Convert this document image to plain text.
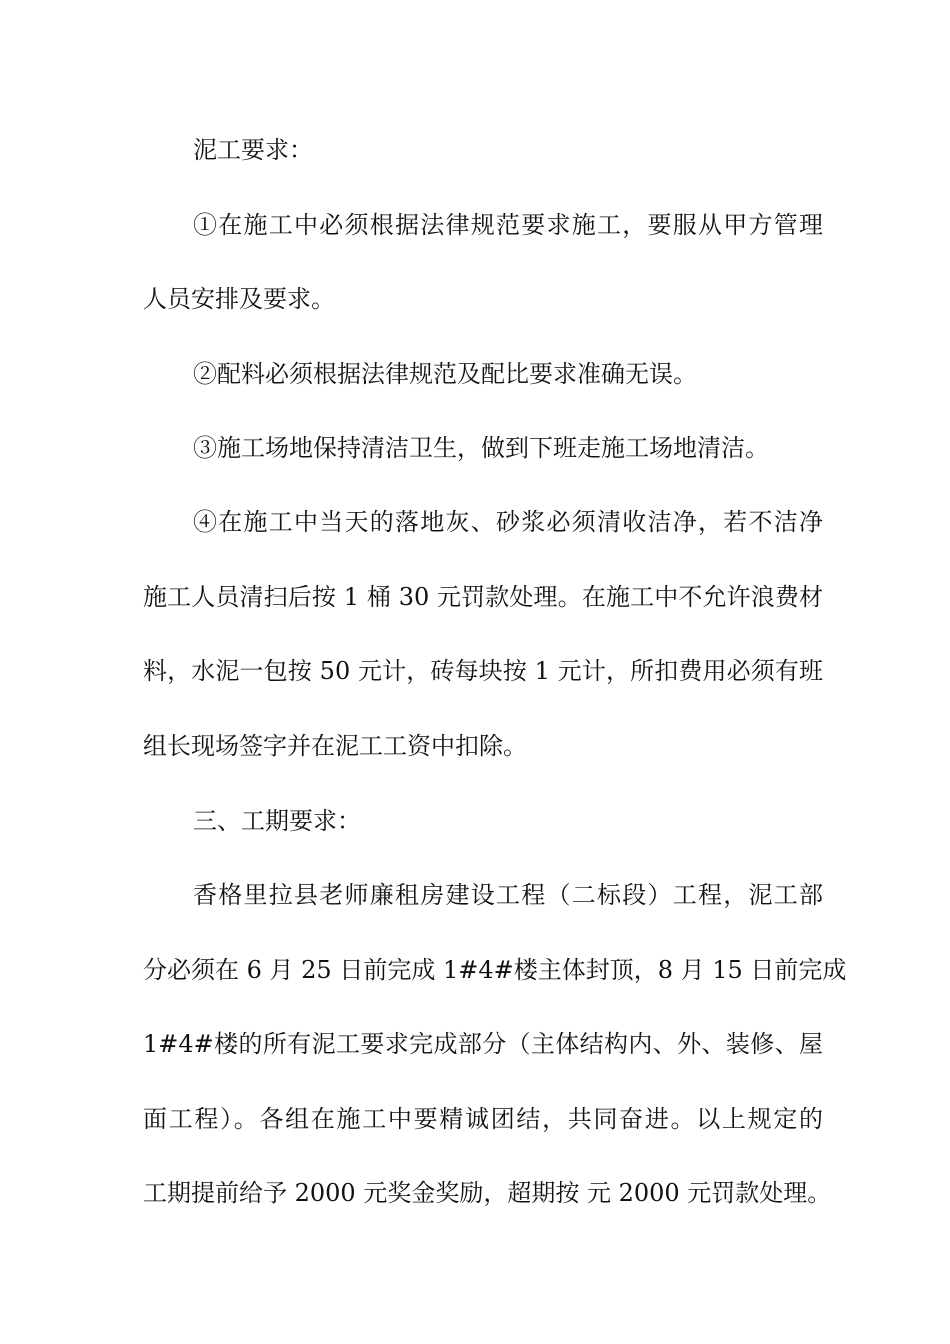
泥工要求：
①在施工中必须根据法律规范要求施工，要服从甲方管理
人员安排及要求。
②配料必须根据法律规范及配比要求准确无误。
③施工场地保持清洁卫生，做到下班走施工场地清洁。
④在施工中当天的落地灰、砂浆必须清收洁净，若不洁净
施工人员清扫后按 1 桶 30 元罚款处理。在施工中不允许浪费材
料，水泥一包按 50 元计，砖每块按 1 元计，所扣费用必须有班
组长现场签字并在泥工工资中扣除。
三、工期要求：
香格里拉县老师廉租房建设工程（二标段）工程，泥工部
分必须在 6 月 25 日前完成 1#4#楼主体封顶，8 月 15 日前完成
1#4#楼的所有泥工要求完成部分（主体结构内、外、装修、屋
面工程）。各组在施工中要精诚团结，共同奋进。以上规定的
工期提前给予 2000 元奖金奖励，超期按 元 2000 元罚款处理。
